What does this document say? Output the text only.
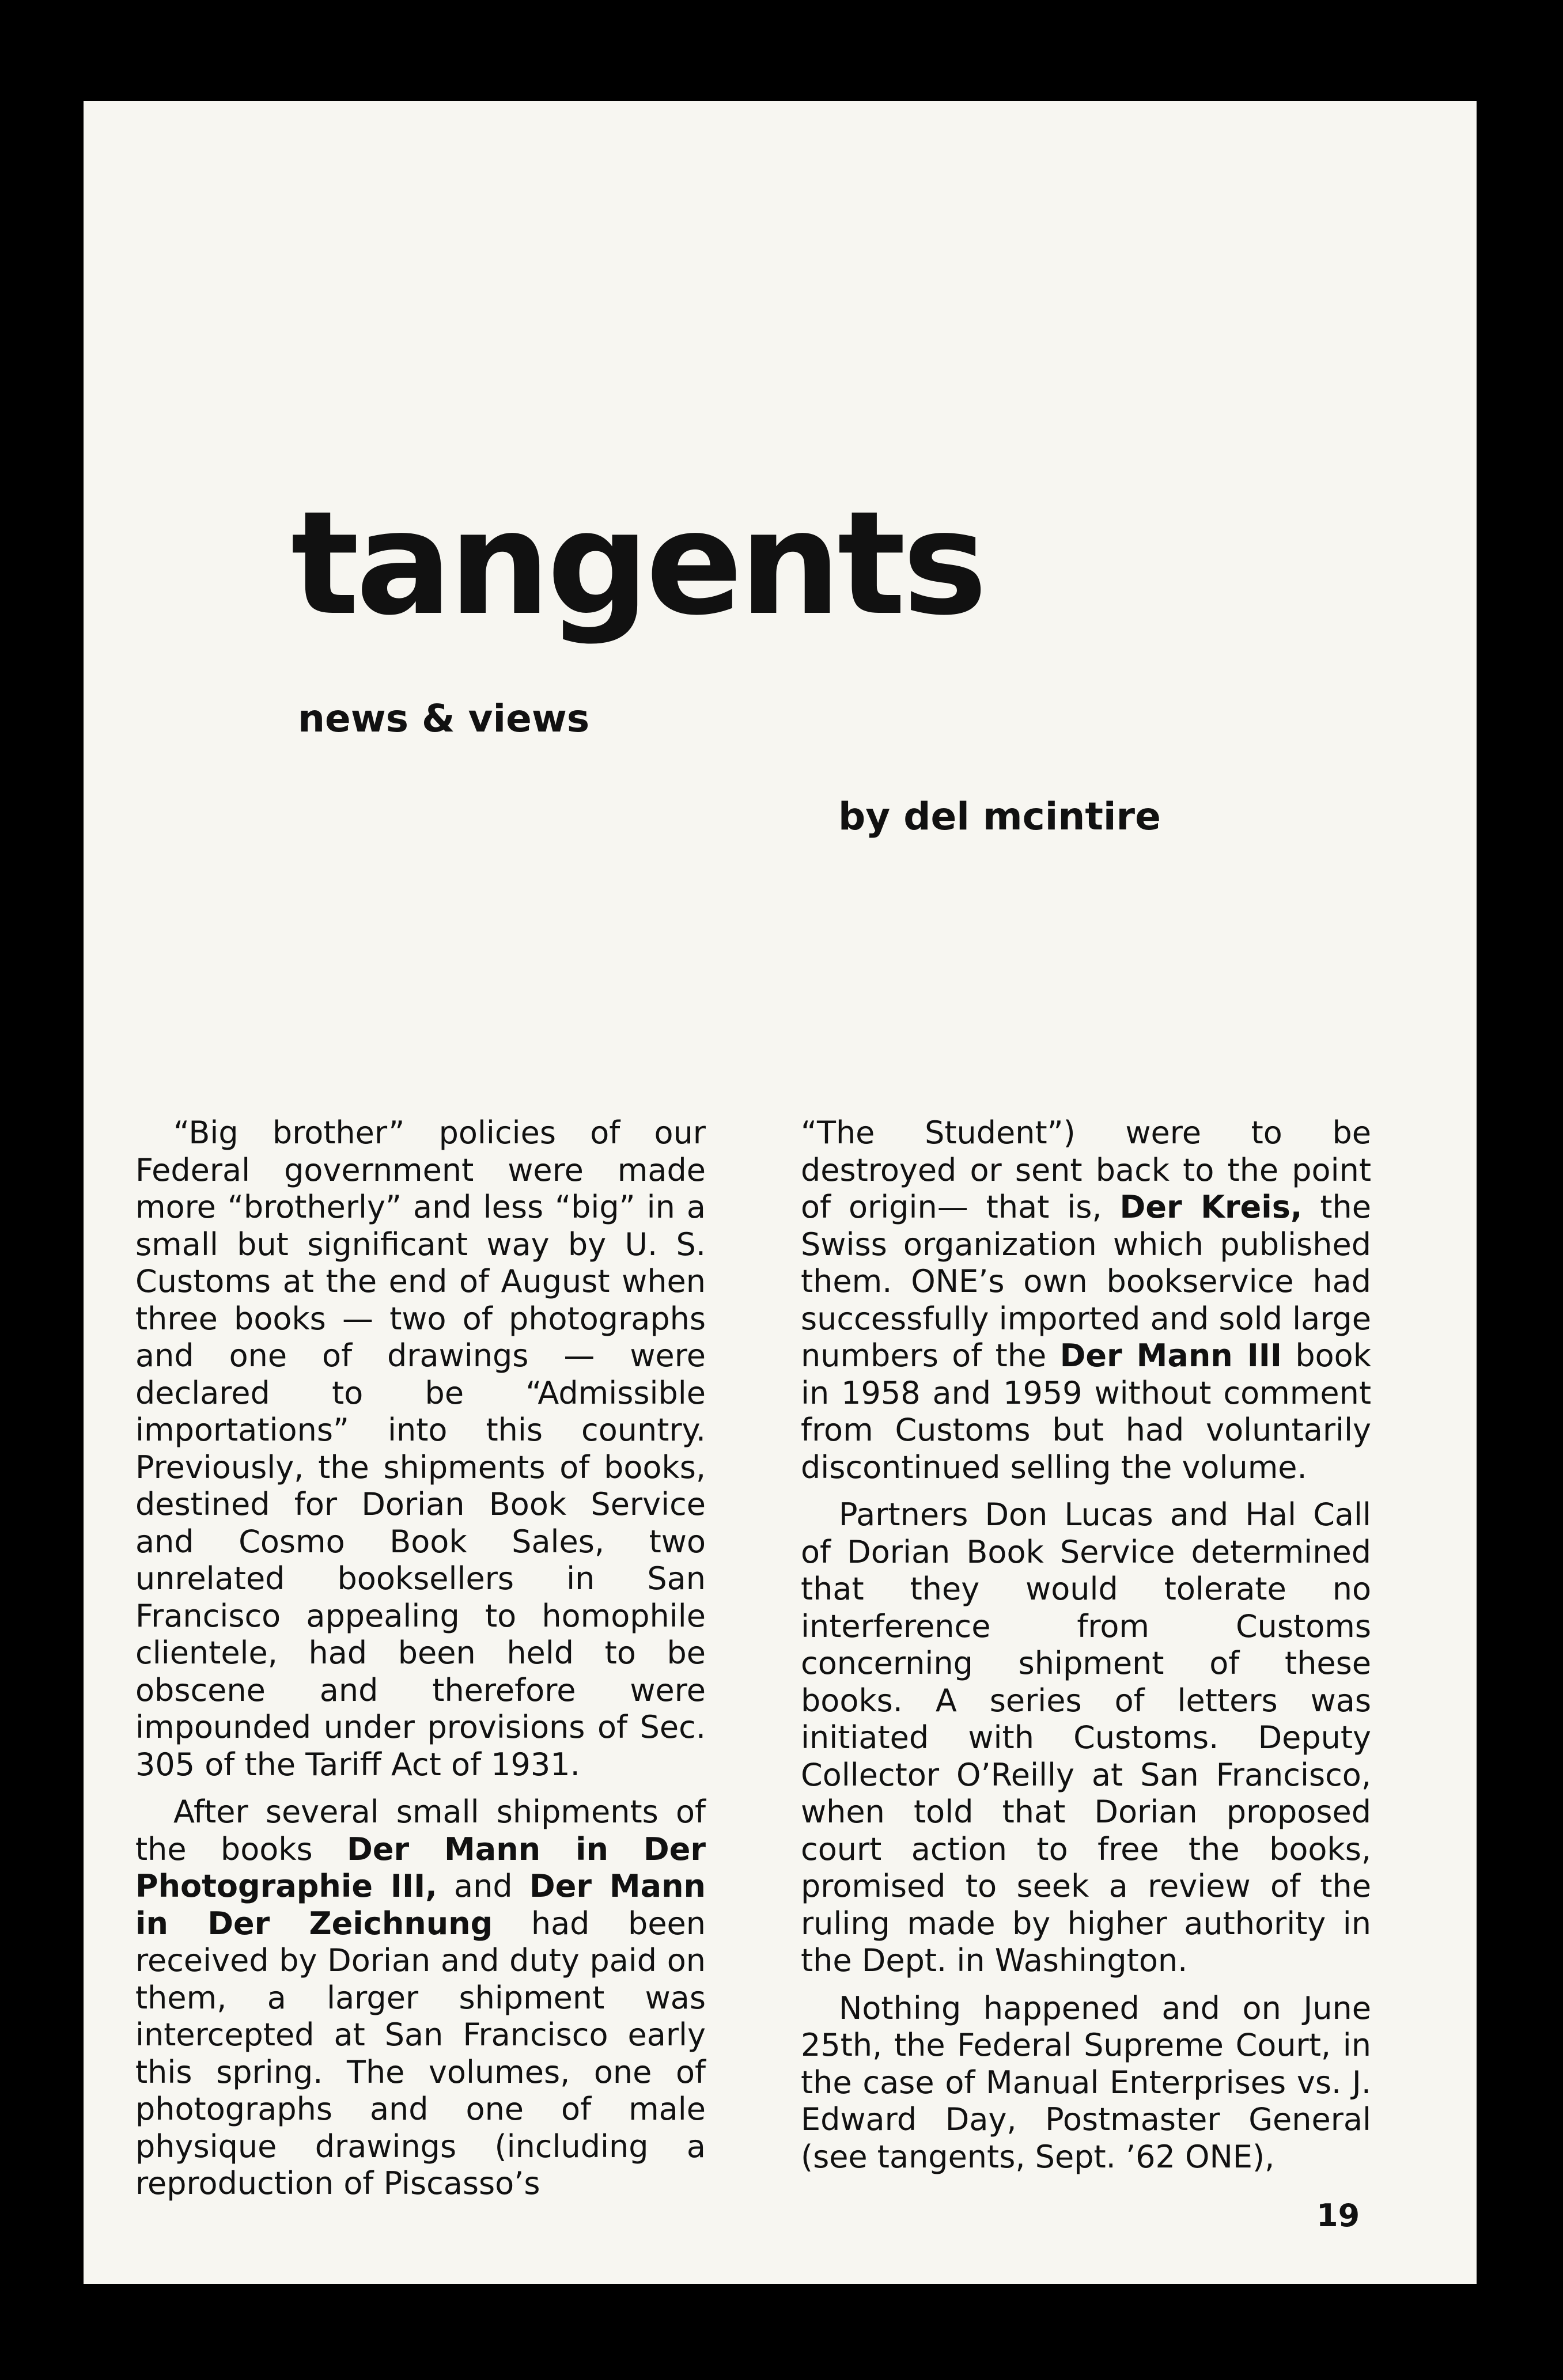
tangents
news & views
by del mcintire

“Big brother” policies of our Federal government were made more “brotherly” and less “big” in a small but significant way by U. S. Customs at the end of August when three books — two of photographs and one of drawings — were declared to be “Admissible importations” into this country. Previously, the shipments of books, destined for Dorian Book Service and Cosmo Book Sales, two unrelated booksellers in San Francisco appealing to homophile clientele, had been held to be obscene and therefore were impounded under provisions of Sec. 305 of the Tariff Act of 1931.

After several small shipments of the books Der Mann in Der Photographie III, and Der Mann in Der Zeichnung had been received by Dorian and duty paid on them, a larger shipment was intercepted at San Francisco early this spring. The volumes, one of photographs and one of male physique drawings (including a reproduction of Piscasso’s

“The Student”) were to be destroyed or sent back to the point of origin— that is, Der Kreis, the Swiss organization which published them. ONE’s own bookservice had successfully imported and sold large numbers of the Der Mann III book in 1958 and 1959 without comment from Customs but had voluntarily discontinued selling the volume.

Partners Don Lucas and Hal Call of Dorian Book Service determined that they would tolerate no interference from Customs concerning shipment of these books. A series of letters was initiated with Customs. Deputy Collector O’Reilly at San Francisco, when told that Dorian proposed court action to free the books, promised to seek a review of the ruling made by higher authority in the Dept. in Washington.

Nothing happened and on June 25th, the Federal Supreme Court, in the case of Manual Enterprises vs. J. Edward Day, Postmaster General (see tangents, Sept. ’62 ONE),

19
